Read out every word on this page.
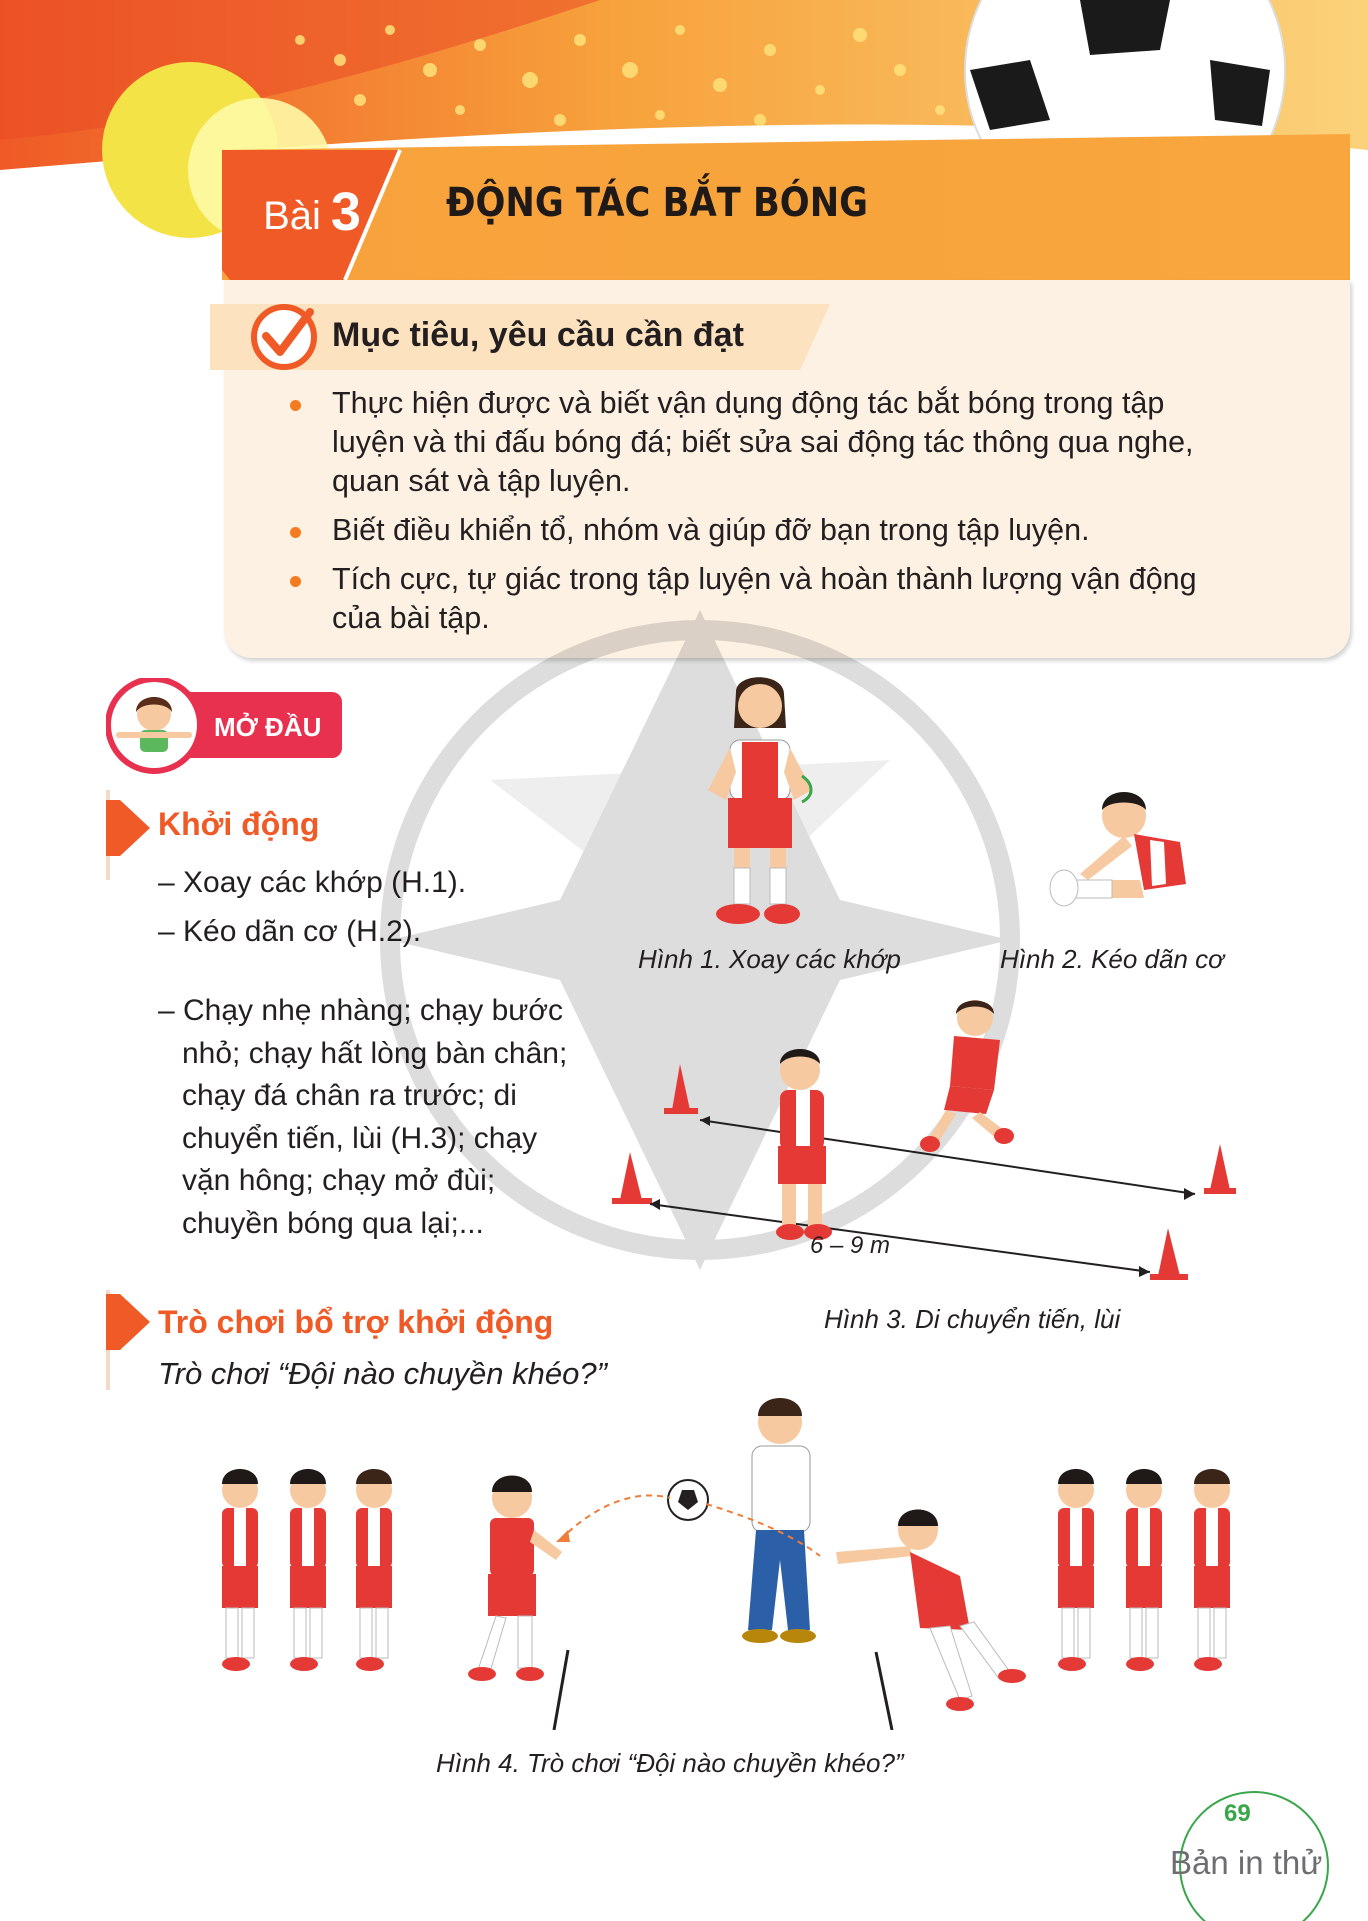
Bài 3 ĐỘNG TÁC BẮT BÓNG
Mục tiêu, yêu cầu cần đạt
Thực hiện được và biết vận dụng động tác bắt bóng trong tập
luyện và thi đấu bóng đá; biết sửa sai động tác thông qua nghe,
quan sát và tập luyện.
Biết điều khiển tổ, nhóm và giúp đỡ bạn trong tập luyện.
Tích cực, tự giác trong tập luyện và hoàn thành lượng vận động
của bài tập.
MỞ ĐẦU
Khởi động
– Xoay các khớp (H.1).
– Kéo dãn cơ (H.2).
– Chạy nhẹ nhàng; chạy bước
nhỏ; chạy hất lòng bàn chân;
chạy đá chân ra trước; di
chuyển tiến, lùi (H.3); chạy
vặn hông; chạy mở đùi;
chuyền bóng qua lại;...
Trò chơi bổ trợ khởi động
Trò chơi “Đội nào chuyền khéo?”
Hình 1. Xoay các khớp	Hình 2. Kéo dãn cơ
6 – 9 m
Hình 3. Di chuyển tiến, lùi
Hình 4. Trò chơi “Đội nào chuyền khéo?”
69
Bản in thử
